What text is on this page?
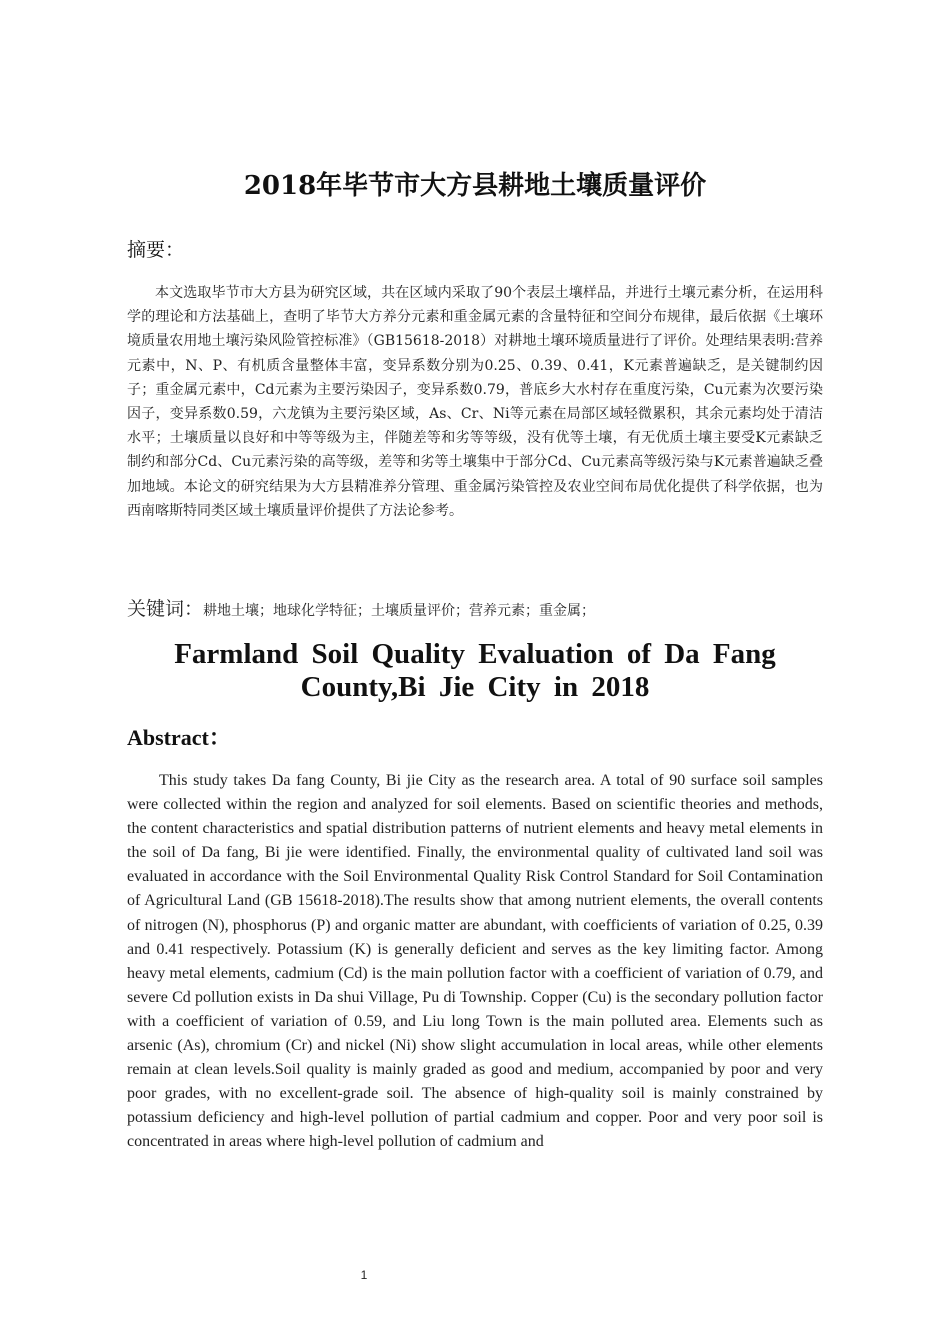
2018年毕节市大方县耕地土壤质量评价
摘要：

本文选取毕节市大方县为研究区域，共在区域内采取了90个表层土壤样品，并进行土壤元素分析，在运用科学的理论和方法基础上，查明了毕节大方养分元素和重金属元素的含量特征和空间分布规律，最后依据《土壤环境质量农用地土壤污染风险管控标准》（GB15618-2018）对耕地土壤环境质量进行了评价。处理结果表明:营养元素中，N、P、有机质含量整体丰富，变异系数分别为0.25、0.39、0.41，K元素普遍缺乏，是关键制约因子；重金属元素中，Cd元素为主要污染因子，变异系数0.79，普底乡大水村存在重度污染，Cu元素为次要污染因子，变异系数0.59，六龙镇为主要污染区域，As、Cr、Ni等元素在局部区域轻微累积，其余元素均处于清洁水平；土壤质量以良好和中等等级为主，伴随差等和劣等等级，没有优等土壤，有无优质土壤主要受K元素缺乏制约和部分Cd、Cu元素污染的高等级，差等和劣等土壤集中于部分Cd、Cu元素高等级污染与K元素普遍缺乏叠加地域。本论文的研究结果为大方县精准养分管理、重金属污染管控及农业空间布局优化提供了科学依据，也为西南喀斯特同类区域土壤质量评价提供了方法论参考。

关键词：耕地土壤；地球化学特征；土壤质量评价；营养元素；重金属；

Farmland Soil Quality Evaluation of Da Fang County,Bi Jie City in 2018
Abstract：

This study takes Da fang County, Bi jie City as the research area. A total of 90 surface soil samples were collected within the region and analyzed for soil elements. Based on scientific theories and methods, the content characteristics and spatial distribution patterns of nutrient elements and heavy metal elements in the soil of Da fang, Bi jie were identified. Finally, the environmental quality of cultivated land soil was evaluated in accordance with the Soil Environmental Quality Risk Control Standard for Soil Contamination of Agricultural Land (GB 15618-2018).The results show that among nutrient elements, the overall contents of nitrogen (N), phosphorus (P) and organic matter are abundant, with coefficients of variation of 0.25, 0.39 and 0.41 respectively. Potassium (K) is generally deficient and serves as the key limiting factor. Among heavy metal elements, cadmium (Cd) is the main pollution factor with a coefficient of variation of 0.79, and severe Cd pollution exists in Da shui Village, Pu di Township. Copper (Cu) is the secondary pollution factor with a coefficient of variation of 0.59, and Liu long Town is the main polluted area. Elements such as arsenic (As), chromium (Cr) and nickel (Ni) show slight accumulation in local areas, while other elements remain at clean levels.Soil quality is mainly graded as good and medium, accompanied by poor and very poor grades, with no excellent-grade soil. The absence of high-quality soil is mainly constrained by potassium deficiency and high-level pollution of partial cadmium and copper. Poor and very poor soil is concentrated in areas where high-level pollution of cadmium and

1
